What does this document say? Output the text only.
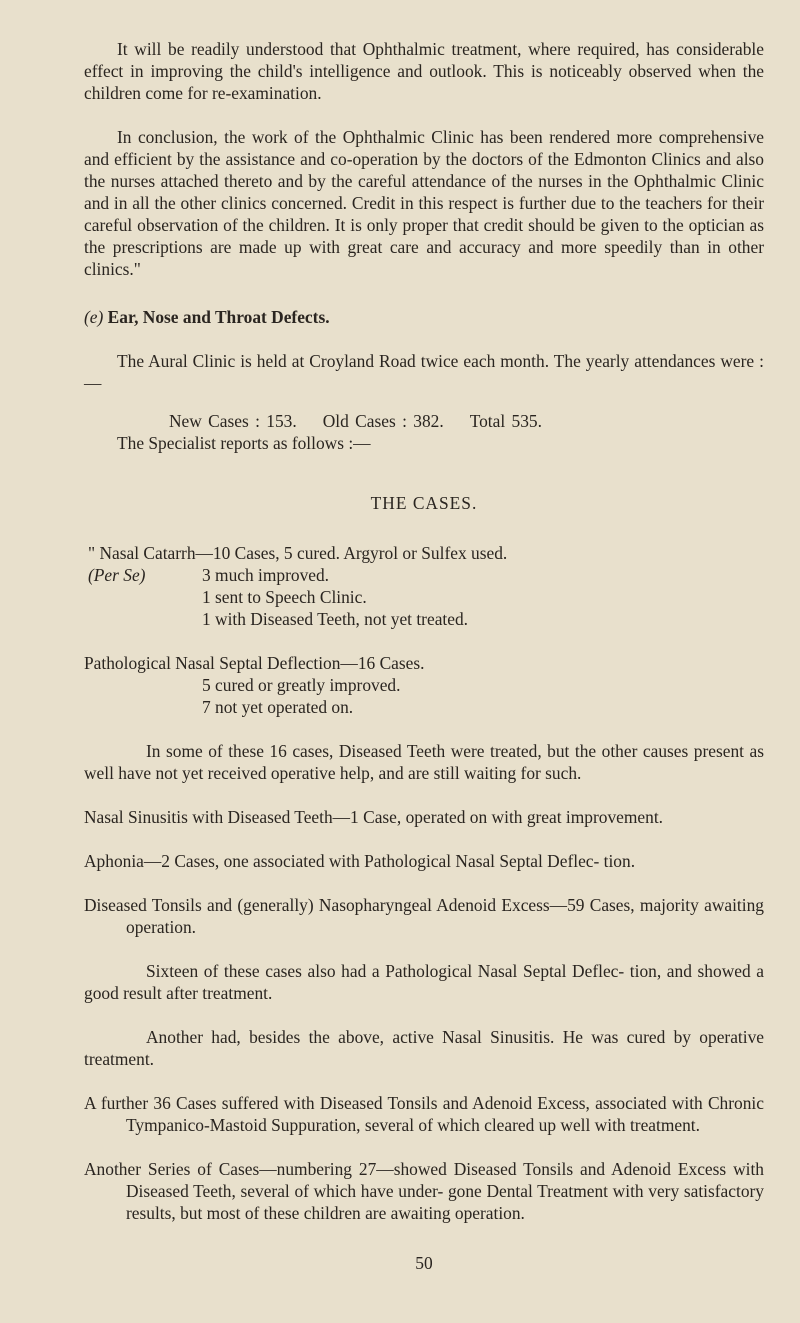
It will be readily understood that Ophthalmic treatment, where required, has considerable effect in improving the child's intelligence and outlook. This is noticeably observed when the children come for re-examination.

In conclusion, the work of the Ophthalmic Clinic has been rendered more comprehensive and efficient by the assistance and co-operation by the doctors of the Edmonton Clinics and also the nurses attached thereto and by the careful attendance of the nurses in the Ophthalmic Clinic and in all the other clinics concerned. Credit in this respect is further due to the teachers for their careful observation of the children. It is only proper that credit should be given to the optician as the prescriptions are made up with great care and accuracy and more speedily than in other clinics."

(e) Ear, Nose and Throat Defects.

The Aural Clinic is held at Croyland Road twice each month. The yearly attendances were :—

New Cases : 153. Old Cases : 382. Total 535.

The Specialist reports as follows :—

THE CASES.

" Nasal Catarrh—10 Cases, 5 cured. Argyrol or Sulfex used.

(Per Se)	3 much improved.

1 sent to Speech Clinic.

1 with Diseased Teeth, not yet treated.

Pathological Nasal Septal Deflection—16 Cases.

5 cured or greatly improved.

7 not yet operated on.

In some of these 16 cases, Diseased Teeth were treated, but the other causes present as well have not yet received operative help, and are still waiting for such.

Nasal Sinusitis with Diseased Teeth—1 Case, operated on with great improvement.

Aphonia—2 Cases, one associated with Pathological Nasal Septal Deflec- tion.

Diseased Tonsils and (generally) Nasopharyngeal Adenoid Excess—59 Cases, majority awaiting operation.

Sixteen of these cases also had a Pathological Nasal Septal Deflec- tion, and showed a good result after treatment.

Another had, besides the above, active Nasal Sinusitis. He was cured by operative treatment.

A further 36 Cases suffered with Diseased Tonsils and Adenoid Excess, associated with Chronic Tympanico-Mastoid Suppuration, several of which cleared up well with treatment.

Another Series of Cases—numbering 27—showed Diseased Tonsils and Adenoid Excess with Diseased Teeth, several of which have under- gone Dental Treatment with very satisfactory results, but most of these children are awaiting operation.

50
